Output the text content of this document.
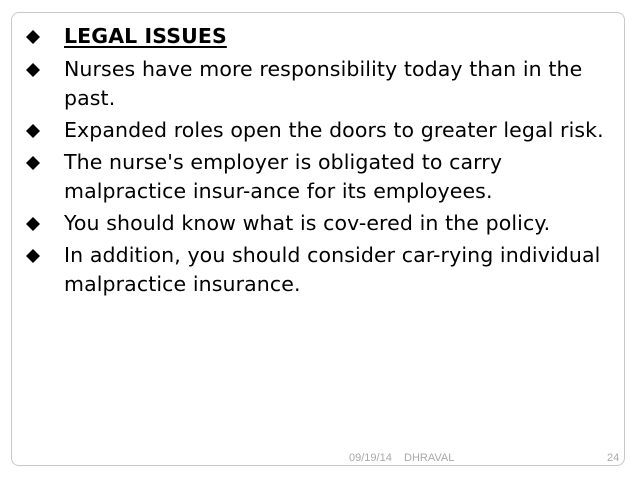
LEGAL ISSUES
Nurses have more responsibility today than in the past.
Expanded roles open the doors to greater legal risk.
The nurse's employer is obligated to carry malpractice insur-ance for its employees.
You should know what is cov-ered in the policy.
In addition, you should consider car-rying individual malpractice insurance.
09/19/14 DHRAVAL	24
